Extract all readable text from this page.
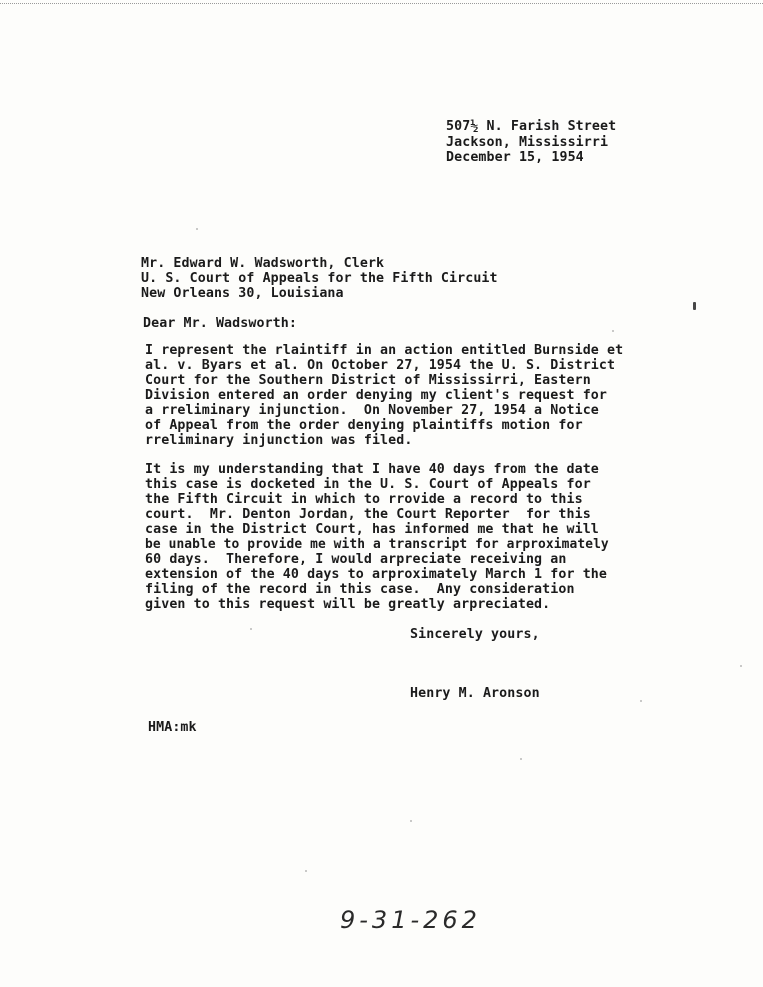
507½ N. Farish Street
Jackson, Mississirri
December 15, 1954
Mr. Edward W. Wadsworth, Clerk
U. S. Court of Appeals for the Fifth Circuit
New Orleans 30, Louisiana
Dear Mr. Wadsworth:
I represent the rlaintiff in an action entitled Burnside et
al. v. Byars et al. On October 27, 1954 the U. S. District
Court for the Southern District of Mississirri, Eastern
Division entered an order denying my client's request for
a rreliminary injunction.  On November 27, 1954 a Notice
of Appeal from the order denying plaintiffs motion for
rreliminary injunction was filed.
It is my understanding that I have 40 days from the date
this case is docketed in the U. S. Court of Appeals for
the Fifth Circuit in which to rrovide a record to this
court.  Mr. Denton Jordan, the Court Reporter  for this
case in the District Court, has informed me that he will
be unable to provide me with a transcript for arproximately
60 days.  Therefore, I would arpreciate receiving an
extension of the 40 days to arproximately March 1 for the
filing of the record in this case.  Any consideration
given to this request will be greatly arpreciated.
Sincerely yours,
Henry M. Aronson
HMA:mk
9-31-262
